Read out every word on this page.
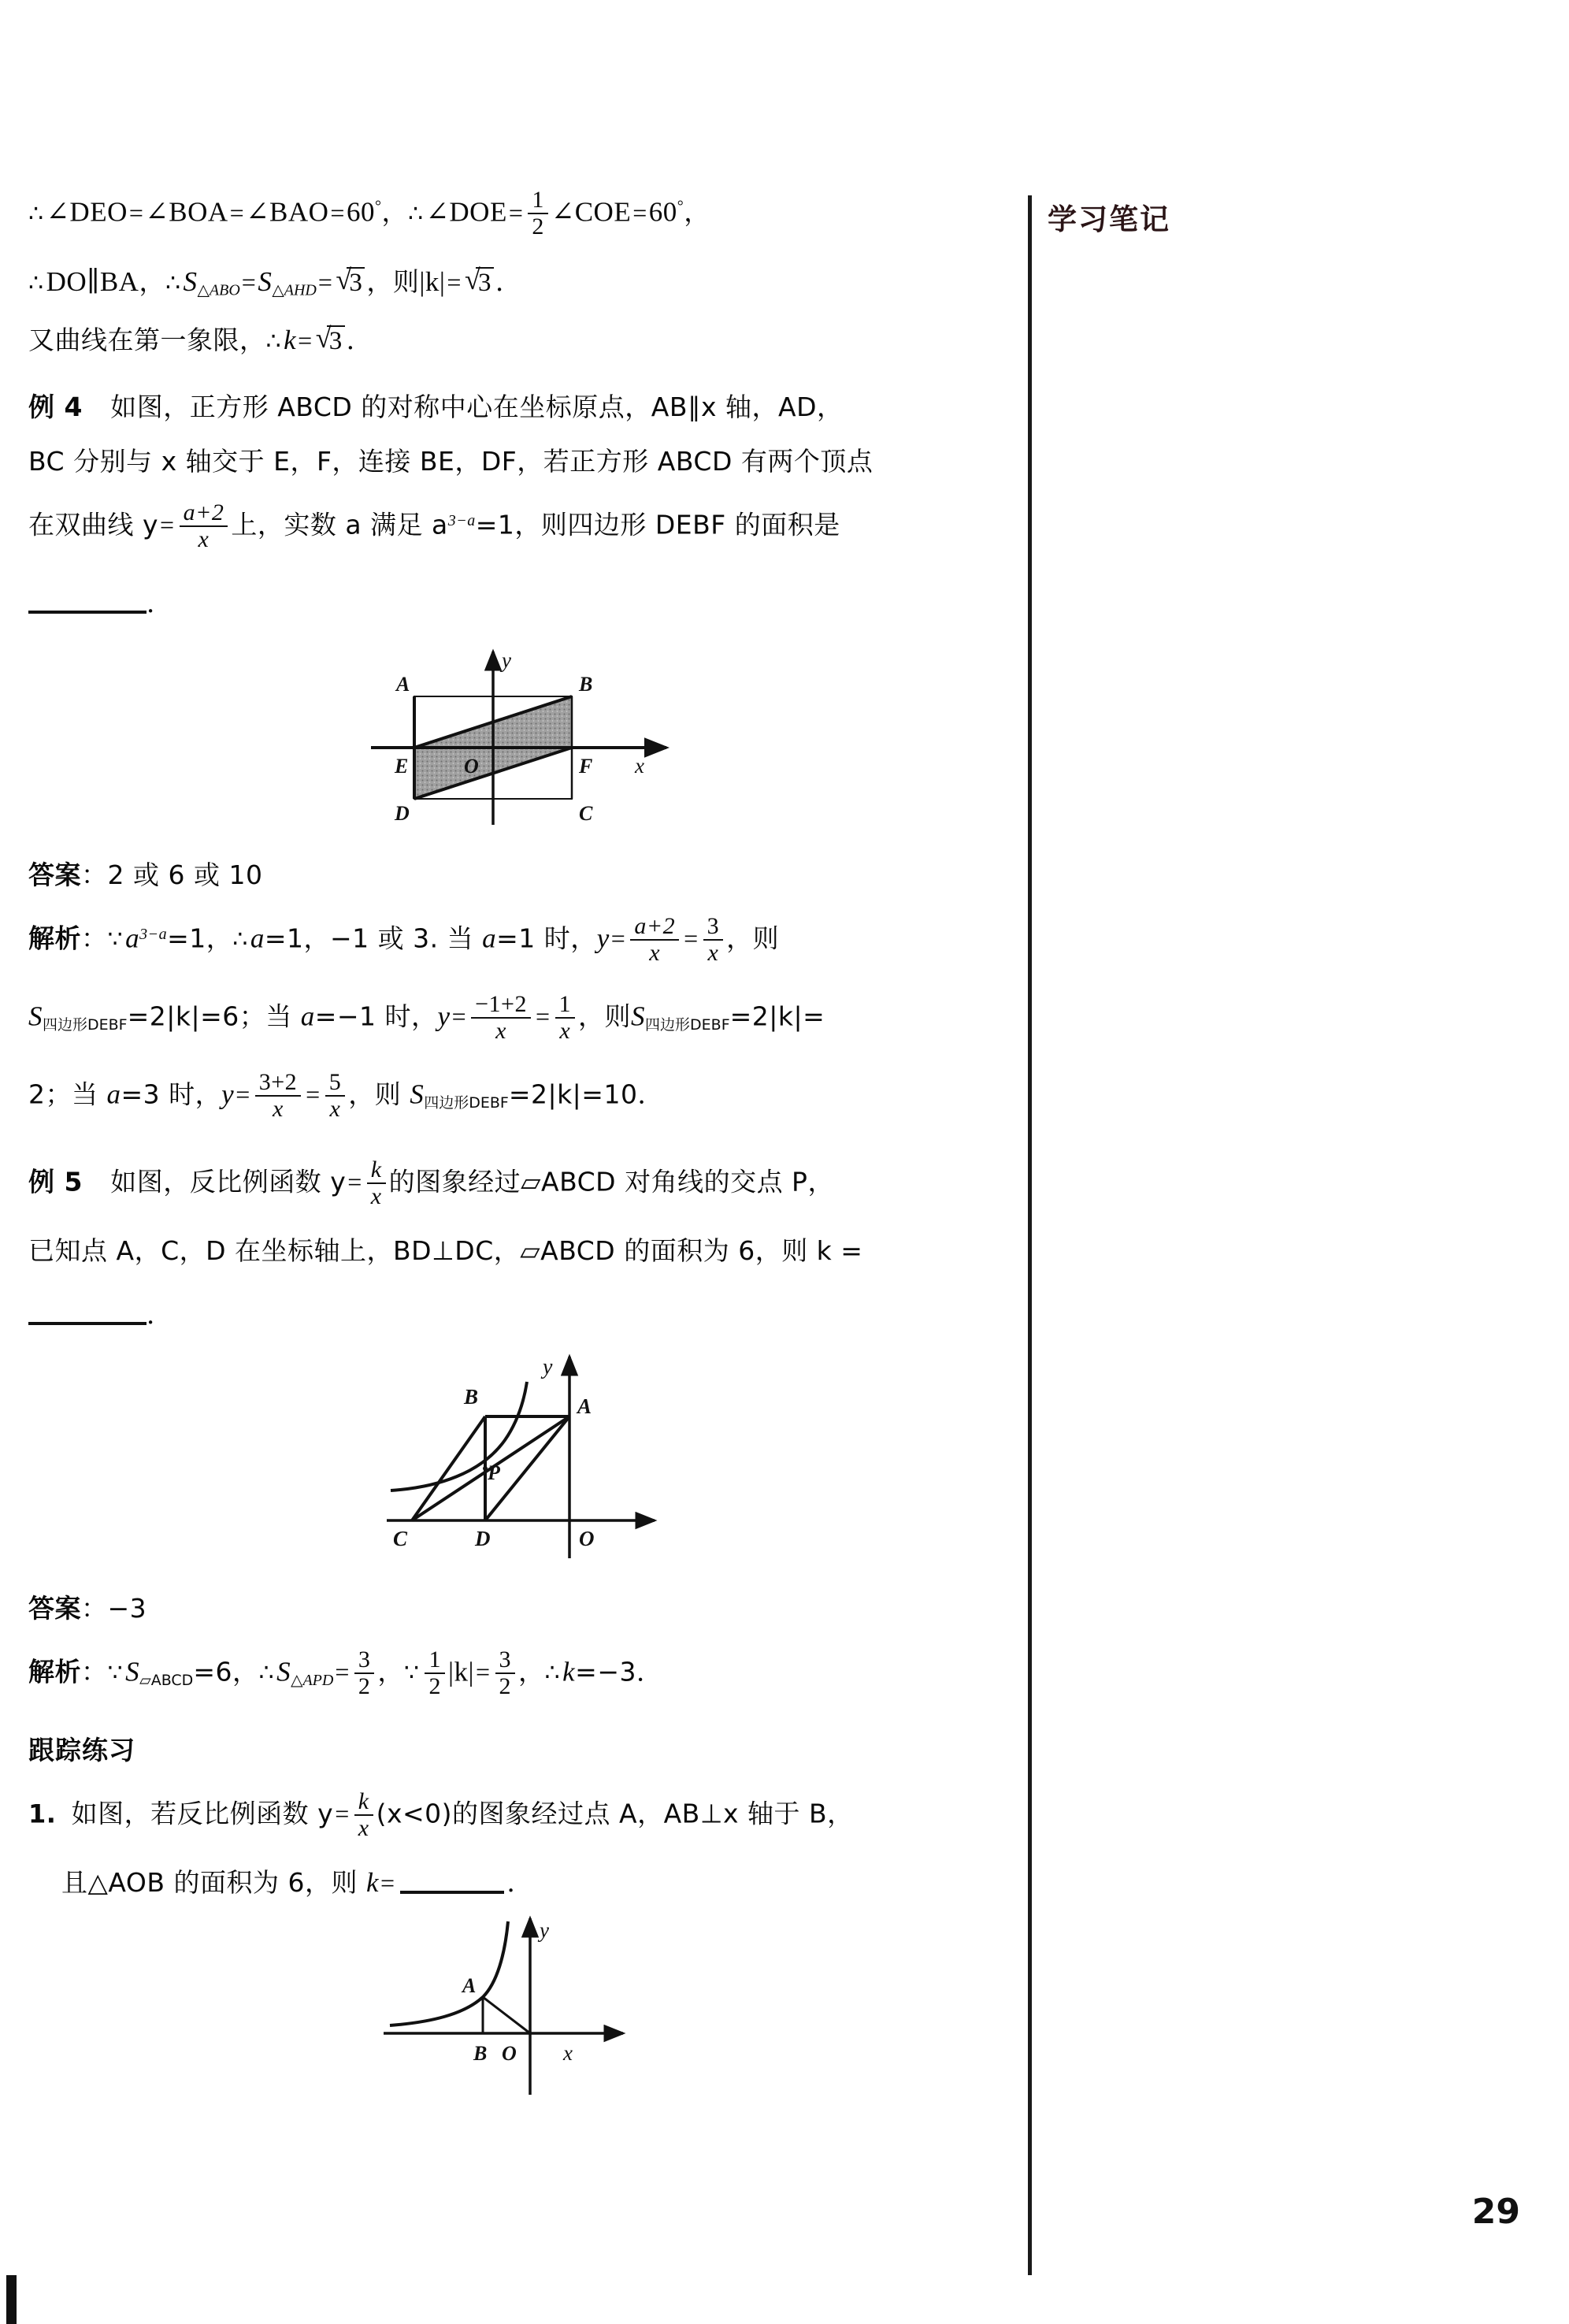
学习笔记
∴∠DEO=∠BOA=∠BAO=60°，∴∠DOE= $\frac{1}{2}$ ∠COE=60°，
∴DO∥BA，$\therefore S_{\triangle ABO}=S_{\triangle AHD}=$ √ 3 ，则|k|= √ 3 ．
又曲线在第一象限，∴k= √ 3 ．
例 4 如图，正方形 ABCD 的对称中心在坐标原点，AB∥x 轴，AD，
BC 分别与 x 轴交于 E，F，连接 BE，DF，若正方形 ABCD 有两个顶点
在双曲线 $y= \frac{a+2}{x}$ 上，实数 a 满足 $a^{3-a}=1$，则四边形 DEBF 的面积是
．
A	B
C
D
E	F
O
y
x
答案：2 或 6 或 10
解析：$\because a^{3-a}=1$，∴a=1，−1 或 3. 当 a=1 时，$y= \frac{a+2}{x} = \frac{3}{x}$ ，则
S四边形DEBF=2|k|=6；当 a=−1 时，$y= \frac{-1+2}{x} = \frac{1}{x}$ ，则S四边形DEBF=2|k|=
2；当 a=3 时，$y= \frac{3+2}{x} = \frac{5}{x}$ ，则 S四边形DEBF=2|k|=10．
例 5 如图，反比例函数 $y= \frac{k}{x}$ 的图象经过▱ABCD 对角线的交点 P，
已知点 A，C，D 在坐标轴上，BD⊥DC，▱ABCD 的面积为 6，则 k =
．
B	A
C	D	O
P
y
答案：−3
解析：∵S▱ABCD=6，$\therefore S_{\triangle APD}= \frac{3}{2}$ ，∵ $\frac{1}{2} |k|= \frac{3}{2}$ ，∴k=−3．
跟踪练习
1. 如图，若反比例函数 $y= \frac{k}{x} (x<0)$的图象经过点 A，AB⊥x 轴于 B，
且△AOB 的面积为 6，则 k=	．
A
B O x
y
29
